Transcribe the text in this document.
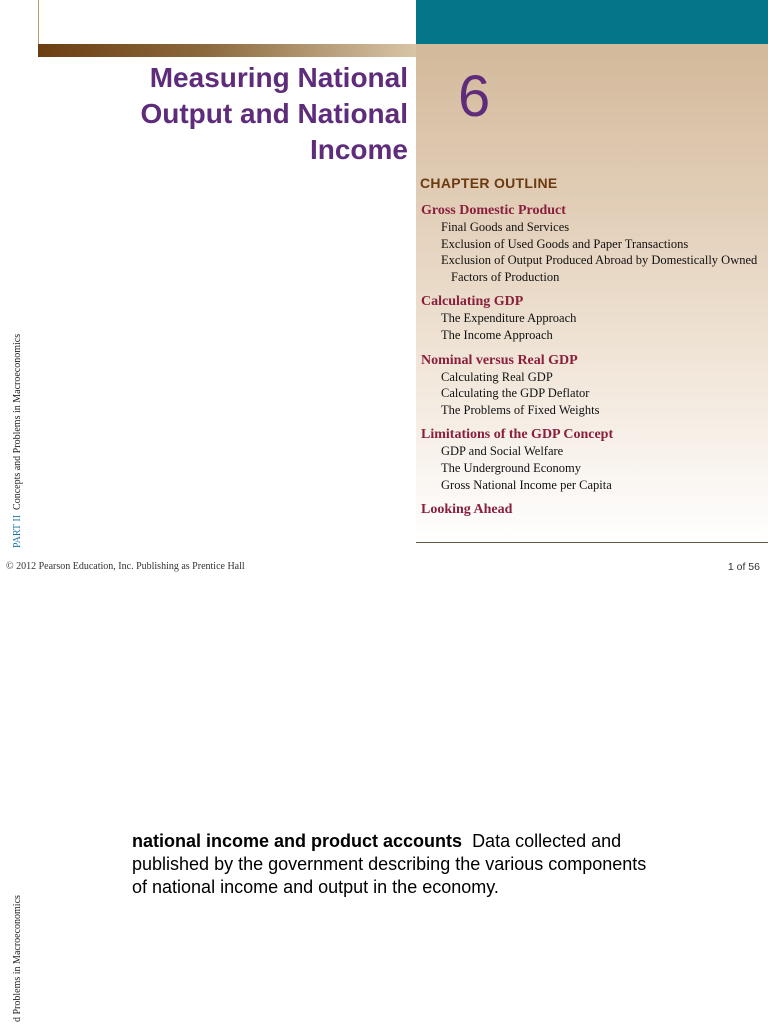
Measuring National
Output and National
Income
6
CHAPTER OUTLINE
Gross Domestic Product
Final Goods and Services
Exclusion of Used Goods and Paper Transactions
Exclusion of Output Produced Abroad by Domestically Owned Factors of Production
Calculating GDP
The Expenditure Approach
The Income Approach
Nominal versus Real GDP
Calculating Real GDP
Calculating the GDP Deflator
The Problems of Fixed Weights
Limitations of the GDP Concept
GDP and Social Welfare
The Underground Economy
Gross National Income per Capita
Looking Ahead
PART II  Concepts and Problems in Macroeconomics
© 2012 Pearson Education, Inc. Publishing as Prentice Hall	1 of 56
national income and product accounts Data collected and published by the government describing the various components of national income and output in the economy.
d Problems in Macroeconomics
